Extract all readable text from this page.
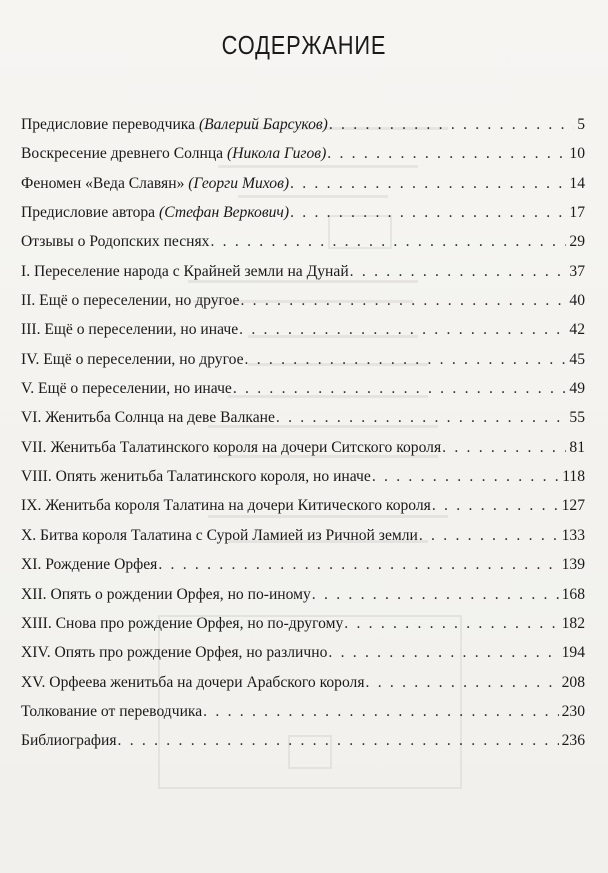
СОДЕРЖАНИЕ
Предисловие переводчика (Валерий Барсуков) . . .	5
Воскресение древнего Солнца (Никола Гигов) . . .	10
Феномен «Веда Славян» (Георги Михов) . . .	14
Предисловие автора (Стефан Веркович) . . .	17
Отзывы о Родопских песнях . . .	29
I. Переселение народа с Крайней земли на Дунай . . .	37
II. Ещё о переселении, но другое . . .	40
III. Ещё о переселении, но иначе . . .	42
IV. Ещё о переселении, но другое . . .	45
V. Ещё о переселении, но иначе . . .	49
VI. Женитьба Солнца на деве Валкане . . .	55
VII. Женитьба Талатинского короля на дочери Ситского короля . . .	81
VIII. Опять женитьба Талатинского короля, но иначе . . .	118
IX. Женитьба короля Талатина на дочери Китического короля . . .	127
X. Битва короля Талатина с Сурой Ламией из Ричной земли . . .	133
XI. Рождение Орфея . . .	139
XII. Опять о рождении Орфея, но по-иному . . .	168
XIII. Снова про рождение Орфея, но по-другому . . .	182
XIV. Опять про рождение Орфея, но различно . . .	194
XV. Орфеева женитьба на дочери Арабского короля . . .	208
Толкование от переводчика . . .	230
Библиография . . .	236
